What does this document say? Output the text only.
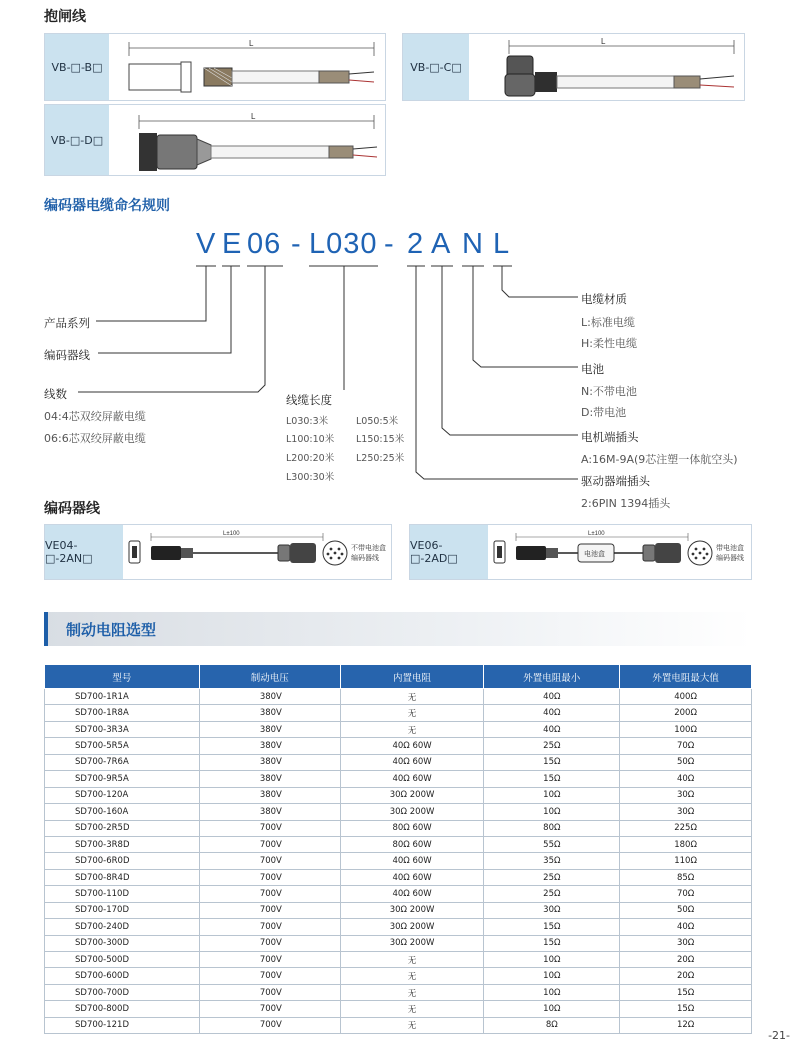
抱闸线
VB-□-B□
L
VB-□-C□
L
VB-□-D□
L
编码器电缆命名规则
V E 06 - L030 - 2 A N L
产品系列
编码器线
线数
04:4芯双绞屏蔽电缆
06:6芯双绞屏蔽电缆
线缆长度
L030:3米	L050:5米
L100:10米 L150:15米
L200:20米 L250:25米
L300:30米
电缆材质
L:标准电缆
H:柔性电缆
电池
N:不带电池
D:带电池
电机端插头
A:16M-9A(9芯注塑一体航空头)
驱动器端插头
2:6PIN 1394插头
编码器线
VE04-□-2AN□
L±100
不带电池盒
编码器线
VE06-□-2AD□
L±100
电池盒
带电池盒
编码器线
制动电阻选型
型号	制动电压	内置电阻	外置电阻最小	外置电阻最大值
SD700-1R1A	380V	无	40Ω	400Ω
SD700-1R8A	380V	无	40Ω	200Ω
SD700-3R3A	380V	无	40Ω	100Ω
SD700-5R5A	380V	40Ω 60W	25Ω	70Ω
SD700-7R6A	380V	40Ω 60W	15Ω	50Ω
SD700-9R5A	380V	40Ω 60W	15Ω	40Ω
SD700-120A	380V	30Ω 200W	10Ω	30Ω
SD700-160A	380V	30Ω 200W	10Ω	30Ω
SD700-2R5D	700V	80Ω 60W	80Ω	225Ω
SD700-3R8D	700V	80Ω 60W	55Ω	180Ω
SD700-6R0D	700V	40Ω 60W	35Ω	110Ω
SD700-8R4D	700V	40Ω 60W	25Ω	85Ω
SD700-110D	700V	40Ω 60W	25Ω	70Ω
SD700-170D	700V	30Ω 200W	30Ω	50Ω
SD700-240D	700V	30Ω 200W	15Ω	40Ω
SD700-300D	700V	30Ω 200W	15Ω	30Ω
SD700-500D	700V	无	10Ω	20Ω
SD700-600D	700V	无	10Ω	20Ω
SD700-700D	700V	无	10Ω	15Ω
SD700-800D	700V	无	10Ω	15Ω
SD700-121D	700V	无	8Ω	12Ω
-21-
